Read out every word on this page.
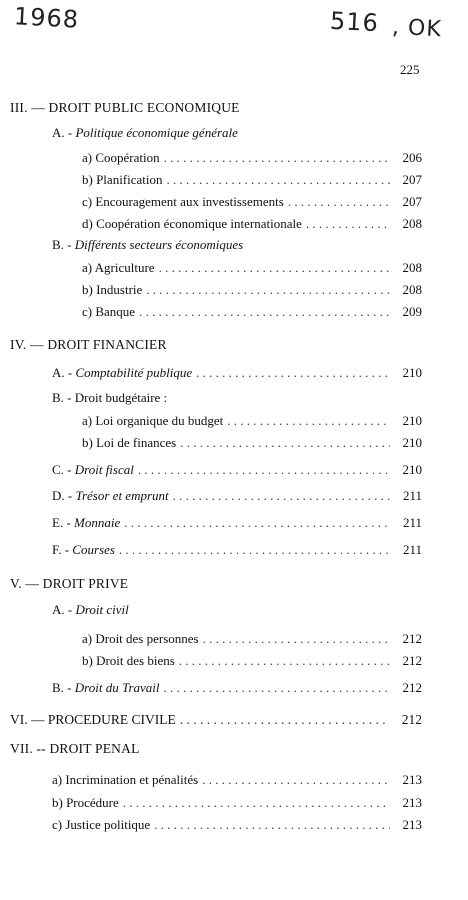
1968	516 , OK
225
III. — DROIT PUBLIC ECONOMIQUE
A. - Politique économique générale
a) Coopération . . .	206
b) Planification . . .	207
c) Encouragement aux investissements . . .	207
d) Coopération économique internationale . . .	208
B. - Différents secteurs économiques
a) Agriculture . . .	208
b) Industrie . . .	208
c) Banque . . .	209
IV. — DROIT FINANCIER
A. - Comptabilité publique . . .	210
B. - Droit budgétaire :
a) Loi organique du budget . . .	210
b) Loi de finances . . .	210
C. - Droit fiscal . . .	210
D. - Trésor et emprunt . . .	211
E. - Monnaie . . .	211
F. - Courses . . .	211
V. — DROIT PRIVE
A. - Droit civil
a) Droit des personnes . . .	212
b) Droit des biens . . .	212
B. - Droit du Travail . . .	212
VI. — PROCEDURE CIVILE . . .	212
VII. -- DROIT PENAL
a) Incrimination et pénalités . . .	213
b) Procédure . . .	213
c) Justice politique . . .	213
